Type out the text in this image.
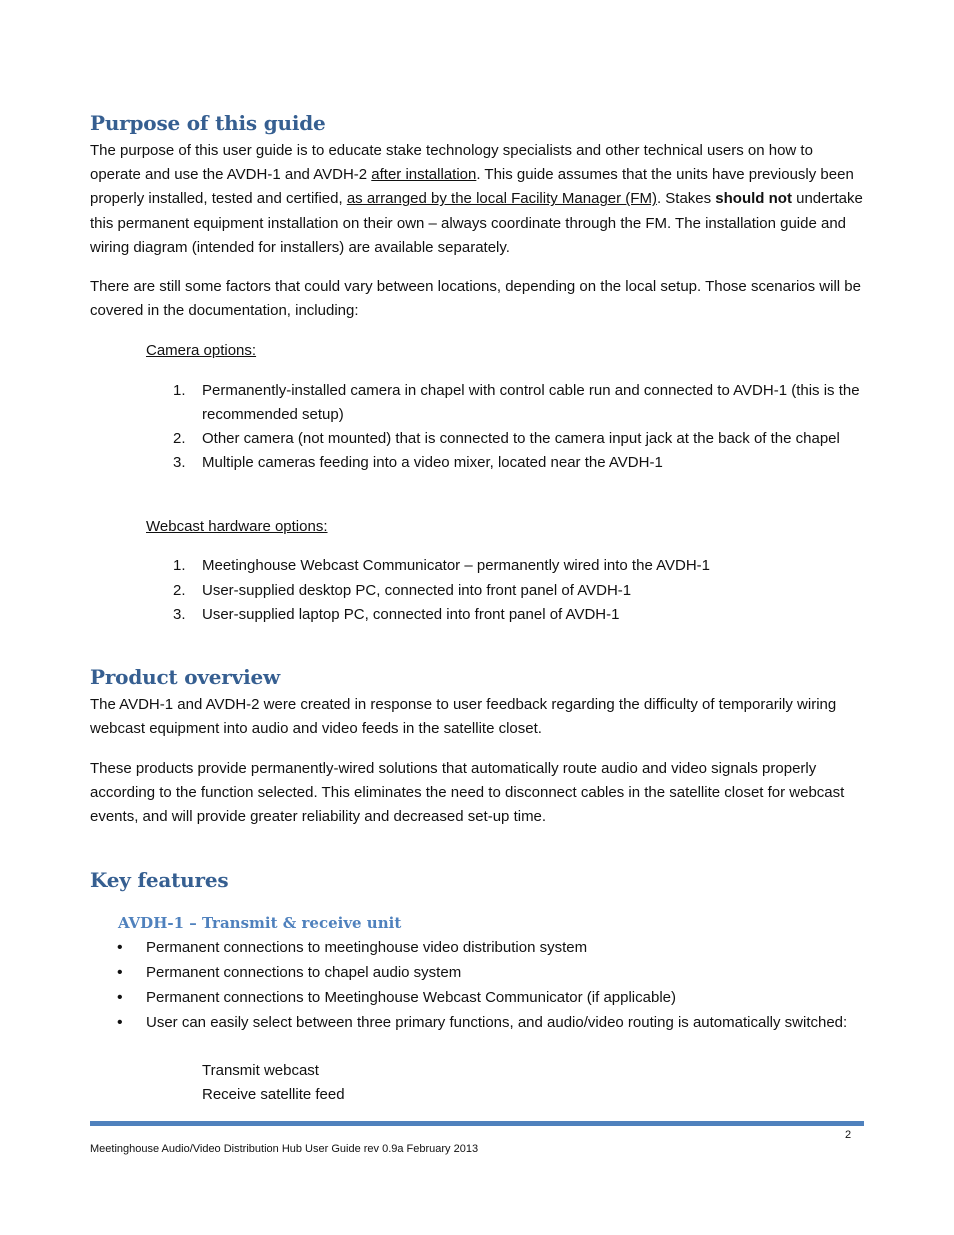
Purpose of this guide

The purpose of this user guide is to educate stake technology specialists and other technical users on how to operate and use the AVDH-1 and AVDH-2 after installation. This guide assumes that the units have previously been properly installed, tested and certified, as arranged by the local Facility Manager (FM). Stakes should not undertake this permanent equipment installation on their own – always coordinate through the FM. The installation guide and wiring diagram (intended for installers) are available separately.

There are still some factors that could vary between locations, depending on the local setup. Those scenarios will be covered in the documentation, including:

Camera options:
1. Permanently-installed camera in chapel with control cable run and connected to AVDH-1 (this is the recommended setup)
2. Other camera (not mounted) that is connected to the camera input jack at the back of the chapel
3. Multiple cameras feeding into a video mixer, located near the AVDH-1
Webcast hardware options:
1. Meetinghouse Webcast Communicator – permanently wired into the AVDH-1
2. User-supplied desktop PC, connected into front panel of AVDH-1
3. User-supplied laptop PC, connected into front panel of AVDH-1
Product overview

The AVDH-1 and AVDH-2 were created in response to user feedback regarding the difficulty of temporarily wiring webcast equipment into audio and video feeds in the satellite closet.

These products provide permanently-wired solutions that automatically route audio and video signals properly according to the function selected. This eliminates the need to disconnect cables in the satellite closet for webcast events, and will provide greater reliability and decreased set-up time.

Key features
AVDH-1 – Transmit & receive unit
• Permanent connections to meetinghouse video distribution system
• Permanent connections to chapel audio system
• Permanent connections to Meetinghouse Webcast Communicator (if applicable)
• User can easily select between three primary functions, and audio/video routing is automatically switched:
Transmit webcast
Receive satellite feed
2
Meetinghouse Audio/Video Distribution Hub User Guide rev 0.9a February 2013
